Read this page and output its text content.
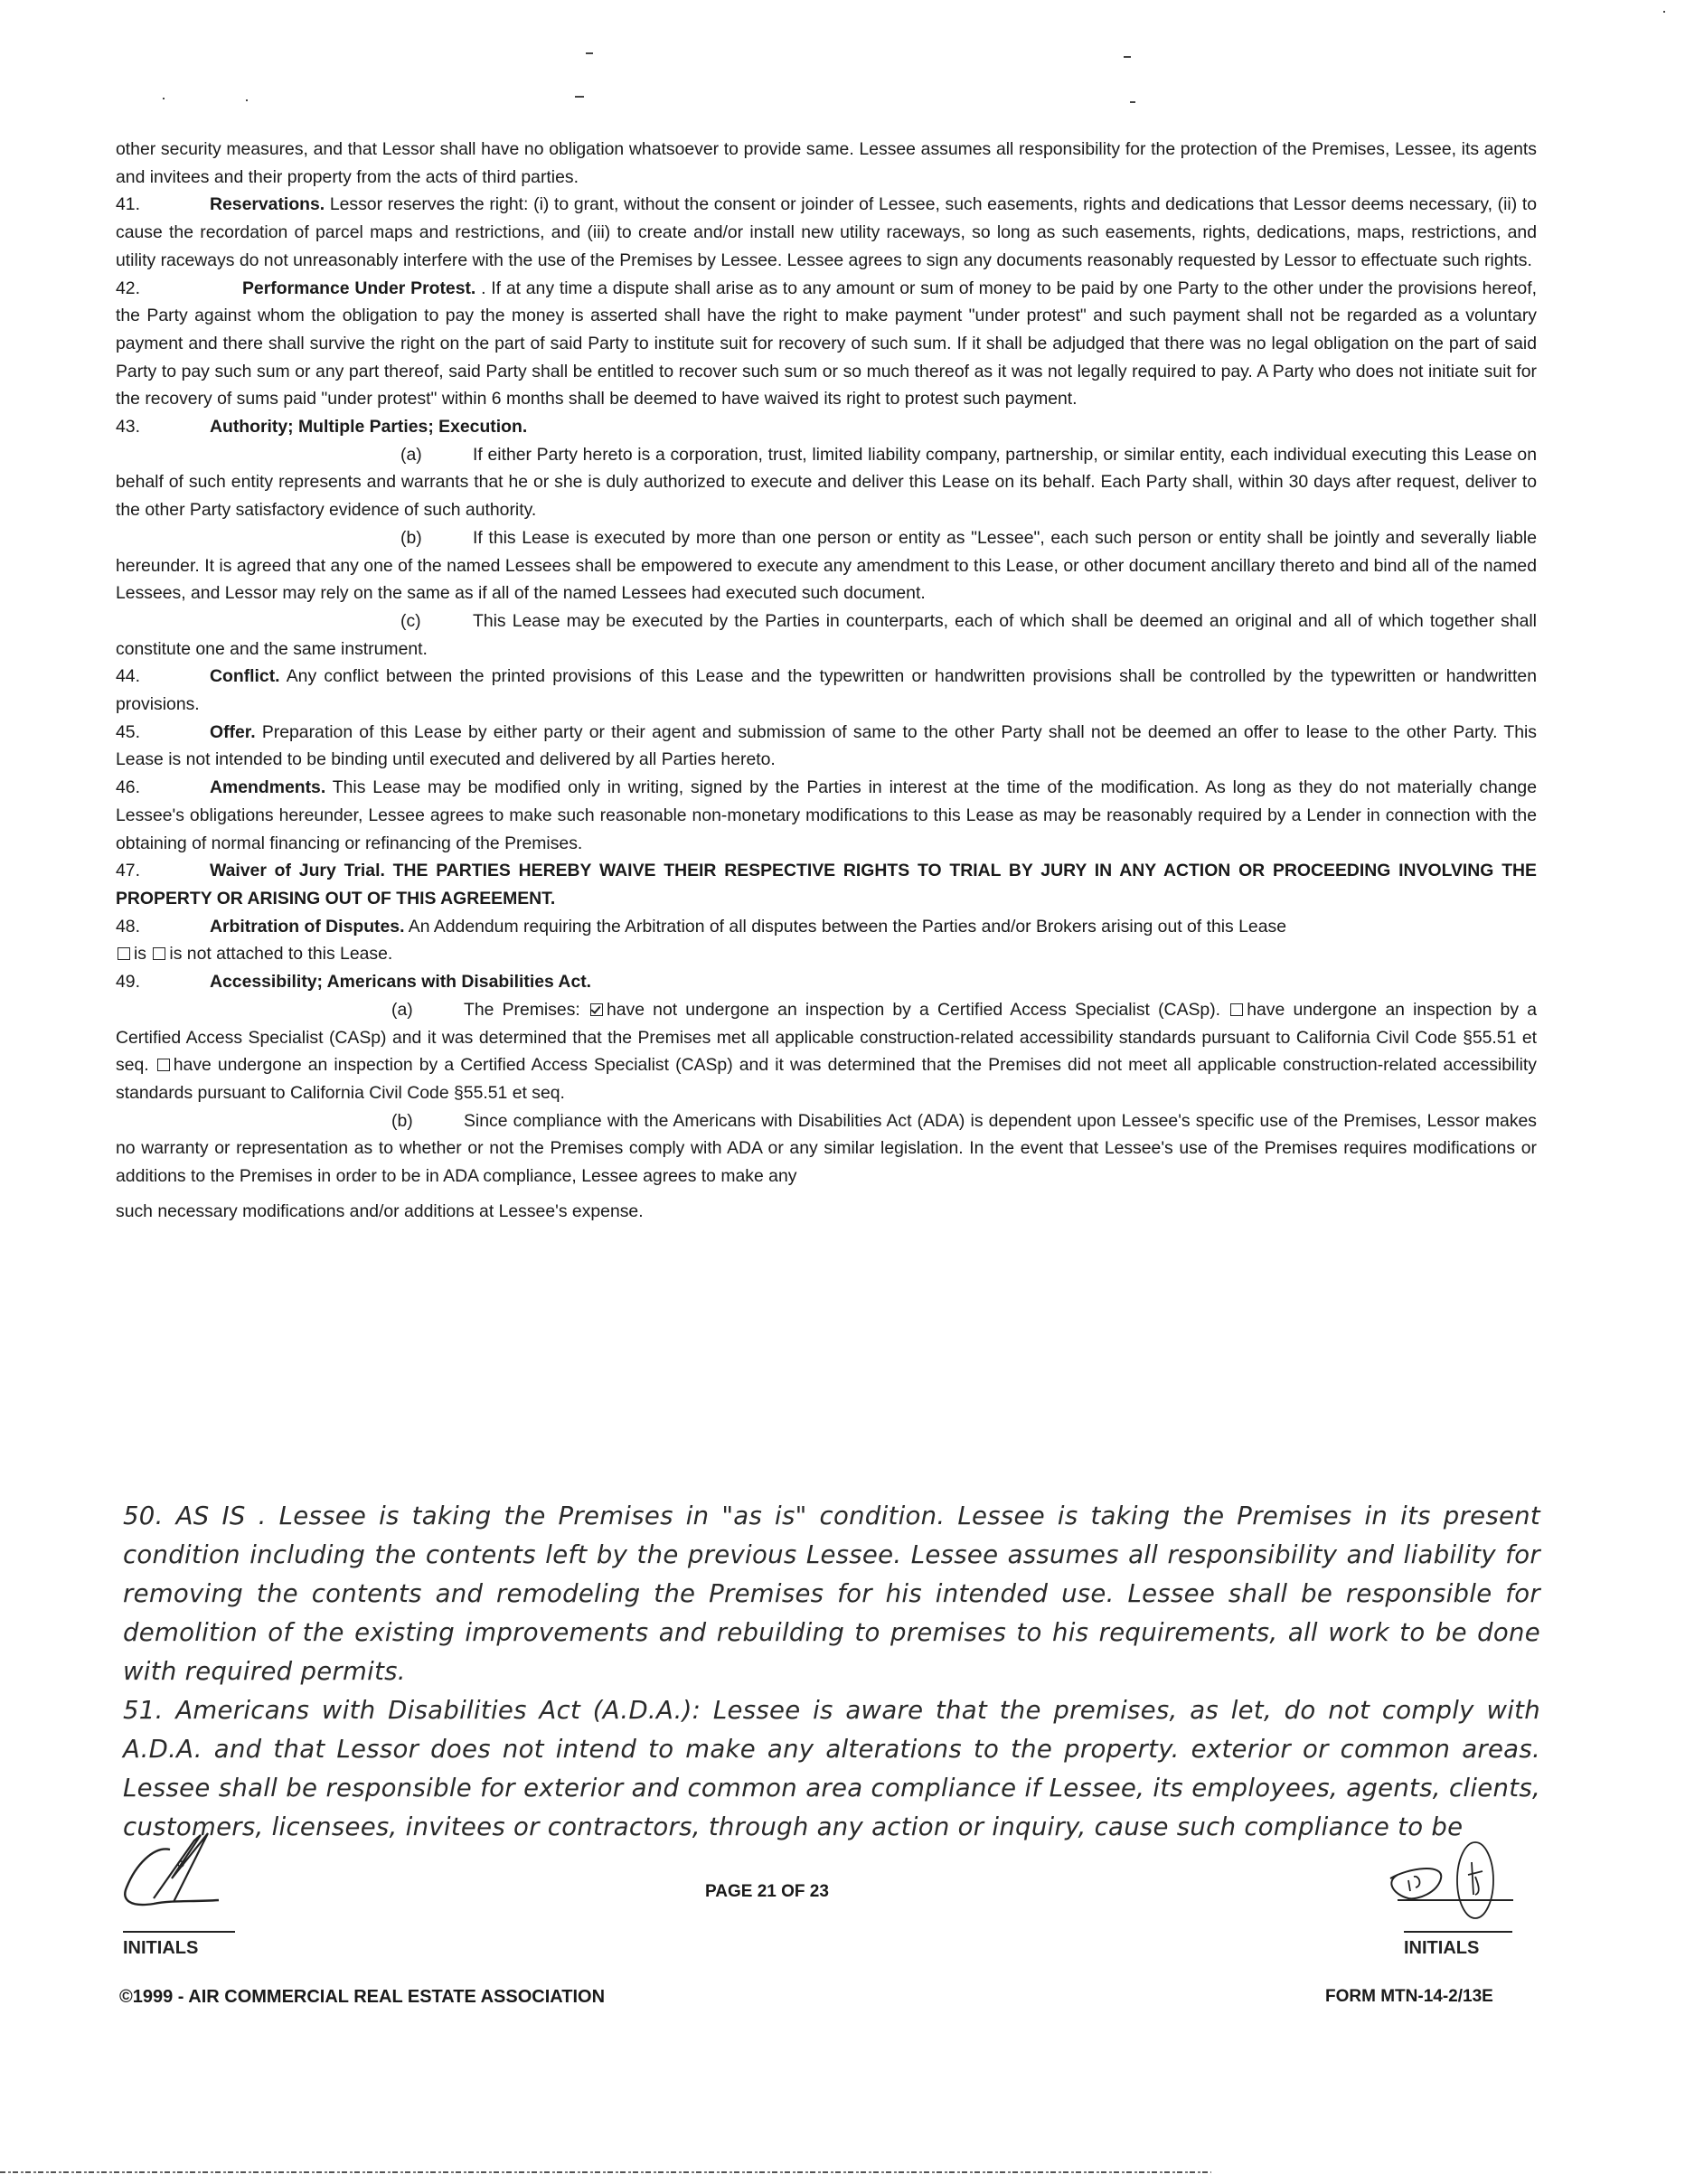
other security measures, and that Lessor shall have no obligation whatsoever to provide same. Lessee assumes all responsibility for the protection of the Premises, Lessee, its agents and invitees and their property from the acts of third parties.

41.	Reservations. Lessor reserves the right: (i) to grant, without the consent or joinder of Lessee, such easements, rights and dedications that Lessor deems necessary, (ii) to cause the recordation of parcel maps and restrictions, and (iii) to create and/or install new utility raceways, so long as such easements, rights, dedications, maps, restrictions, and utility raceways do not unreasonably interfere with the use of the Premises by Lessee. Lessee agrees to sign any documents reasonably requested by Lessor to effectuate such rights.

42.	Performance Under Protest. . If at any time a dispute shall arise as to any amount or sum of money to be paid by one Party to the other under the provisions hereof, the Party against whom the obligation to pay the money is asserted shall have the right to make payment "under protest" and such payment shall not be regarded as a voluntary payment and there shall survive the right on the part of said Party to institute suit for recovery of such sum. If it shall be adjudged that there was no legal obligation on the part of said Party to pay such sum or any part thereof, said Party shall be entitled to recover such sum or so much thereof as it was not legally required to pay. A Party who does not initiate suit for the recovery of sums paid "under protest" within 6 months shall be deemed to have waived its right to protest such payment.

43.	Authority; Multiple Parties; Execution.

(a)	If either Party hereto is a corporation, trust, limited liability company, partnership, or similar entity, each individual executing this Lease on behalf of such entity represents and warrants that he or she is duly authorized to execute and deliver this Lease on its behalf. Each Party shall, within 30 days after request, deliver to the other Party satisfactory evidence of such authority.

(b)	If this Lease is executed by more than one person or entity as "Lessee", each such person or entity shall be jointly and severally liable hereunder. It is agreed that any one of the named Lessees shall be empowered to execute any amendment to this Lease, or other document ancillary thereto and bind all of the named Lessees, and Lessor may rely on the same as if all of the named Lessees had executed such document.

(c)	This Lease may be executed by the Parties in counterparts, each of which shall be deemed an original and all of which together shall constitute one and the same instrument.

44.	Conflict. Any conflict between the printed provisions of this Lease and the typewritten or handwritten provisions shall be controlled by the typewritten or handwritten provisions.

45.	Offer. Preparation of this Lease by either party or their agent and submission of same to the other Party shall not be deemed an offer to lease to the other Party. This Lease is not intended to be binding until executed and delivered by all Parties hereto.

46.	Amendments. This Lease may be modified only in writing, signed by the Parties in interest at the time of the modification. As long as they do not materially change Lessee's obligations hereunder, Lessee agrees to make such reasonable non-monetary modifications to this Lease as may be reasonably required by a Lender in connection with the obtaining of normal financing or refinancing of the Premises.

47.	Waiver of Jury Trial. THE PARTIES HEREBY WAIVE THEIR RESPECTIVE RIGHTS TO TRIAL BY JURY IN ANY ACTION OR PROCEEDING INVOLVING THE PROPERTY OR ARISING OUT OF THIS AGREEMENT.

48.	Arbitration of Disputes. An Addendum requiring the Arbitration of all disputes between the Parties and/or Brokers arising out of this Lease

is is not attached to this Lease.

49.	Accessibility; Americans with Disabilities Act.

(a)	The Premises: have not undergone an inspection by a Certified Access Specialist (CASp). have undergone an inspection by a Certified Access Specialist (CASp) and it was determined that the Premises met all applicable construction-related accessibility standards pursuant to California Civil Code §55.51 et seq. have undergone an inspection by a Certified Access Specialist (CASp) and it was determined that the Premises did not meet all applicable construction-related accessibility standards pursuant to California Civil Code §55.51 et seq.

(b)	Since compliance with the Americans with Disabilities Act (ADA) is dependent upon Lessee's specific use of the Premises, Lessor makes no warranty or representation as to whether or not the Premises comply with ADA or any similar legislation. In the event that Lessee's use of the Premises requires modifications or additions to the Premises in order to be in ADA compliance, Lessee agrees to make any

such necessary modifications and/or additions at Lessee's expense.

50. AS IS . Lessee is taking the Premises in "as is" condition. Lessee is taking the Premises in its present condition including the contents left by the previous Lessee. Lessee assumes all responsibility and liability for removing the contents and remodeling the Premises for his intended use. Lessee shall be responsible for demolition of the existing improvements and rebuilding to premises to his requirements, all work to be done with required permits.

51. Americans with Disabilities Act (A.D.A.): Lessee is aware that the premises, as let, do not comply with A.D.A. and that Lessor does not intend to make any alterations to the property. exterior or common areas. Lessee shall be responsible for exterior and common area compliance if Lessee, its employees, agents, clients, customers, licensees, invitees or contractors, through any action or inquiry, cause such compliance to be

INITIALS
PAGE 21 OF 23
INITIALS
©1999 - AIR COMMERCIAL REAL ESTATE ASSOCIATION	FORM MTN-14-2/13E
